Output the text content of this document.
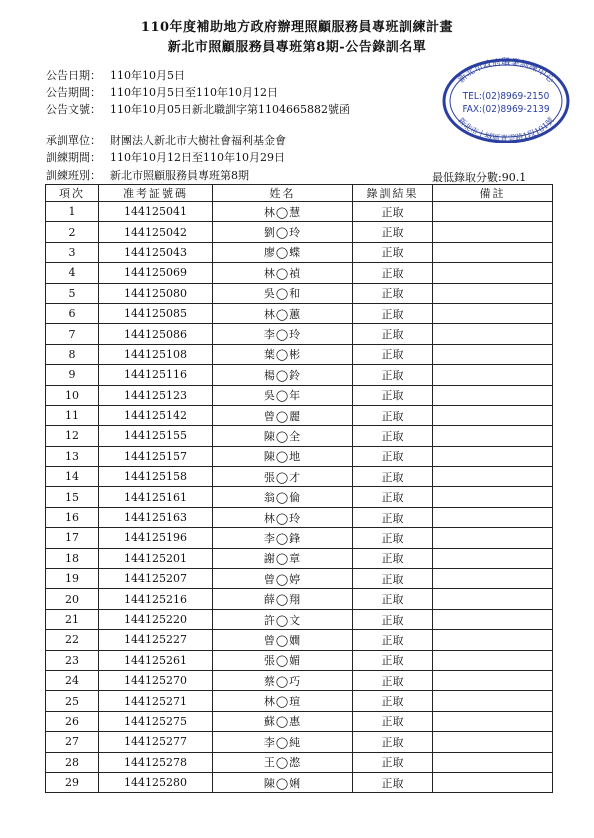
110年度補助地方政府辦理照顧服務員專班訓練計畫
新北市照顧服務員專班第8期-公告錄訓名單
公告日期： 110年10月5日
公告期間： 110年10月5日至110年10月12日
公告文號： 110年10月05日新北職訓字第1104665882號函
承訓單位： 財團法人新北市大樹社會福利基金會
訓練期間： 110年10月12日至110年10月29日
訓練班別： 新北市照顧服務員專班第8期	最低錄取分數:90.1
新北市政府職業訓練中心
新北市土城區青雲路1段101號
TEL:(02)8969-2150
FAX:(02)8969-2139
項次	准考証號碼	姓名	錄訓結果	備註
1	144125041	林◯慧	正取	
2	144125042	劉◯玲	正取	
3	144125043	廖◯蝶	正取	
4	144125069	林◯禎	正取	
5	144125080	吳◯和	正取	
6	144125085	林◯蕙	正取	
7	144125086	李◯玲	正取	
8	144125108	葉◯彬	正取	
9	144125116	楊◯鈴	正取	
10	144125123	吳◯年	正取	
11	144125142	曾◯麗	正取	
12	144125155	陳◯全	正取	
13	144125157	陳◯地	正取	
14	144125158	張◯才	正取	
15	144125161	翁◯倫	正取	
16	144125163	林◯玲	正取	
17	144125196	李◯鋒	正取	
18	144125201	謝◯章	正取	
19	144125207	曾◯婷	正取	
20	144125216	薛◯翔	正取	
21	144125220	許◯文	正取	
22	144125227	曾◯嫺	正取	
23	144125261	張◯媚	正取	
24	144125270	蔡◯巧	正取	
25	144125271	林◯瑄	正取	
26	144125275	蘇◯惠	正取	
27	144125277	李◯純	正取	
28	144125278	王◯滺	正取	
29	144125280	陳◯娳	正取	
